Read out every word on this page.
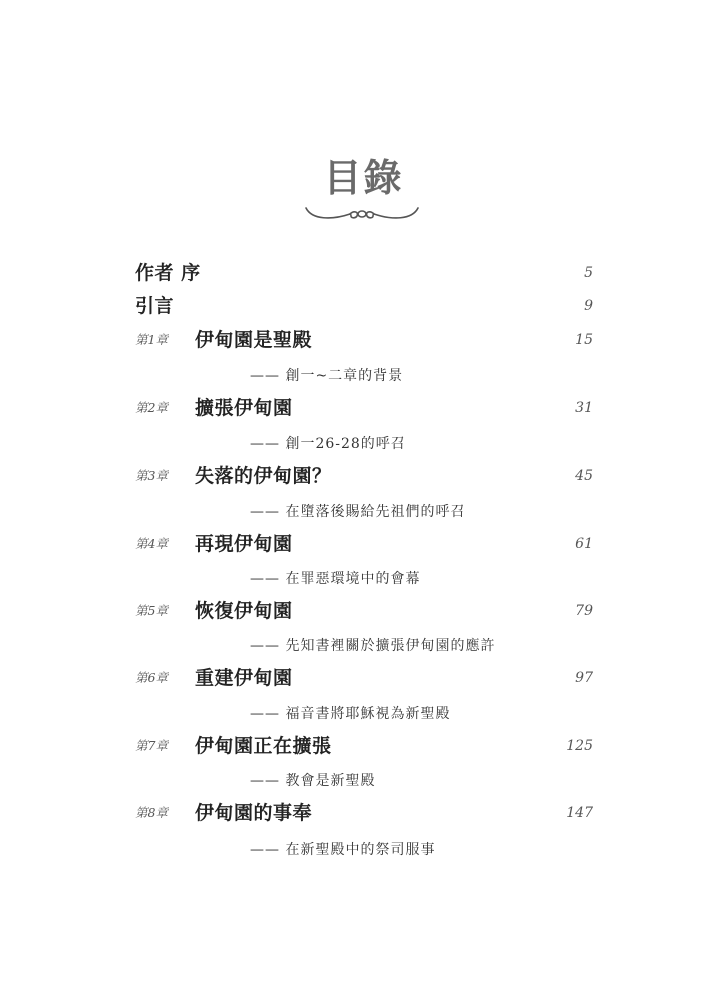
目錄
作者 序	5
引言	9
第1章 伊甸園是聖殿	15
—— 創一~二章的背景
第2章 擴張伊甸園	31
—— 創一26-28的呼召
第3章 失落的伊甸園？	45
—— 在墮落後賜給先祖們的呼召
第4章 再現伊甸園	61
—— 在罪惡環境中的會幕
第5章 恢復伊甸園	79
—— 先知書裡關於擴張伊甸園的應許
第6章 重建伊甸園	97
—— 福音書將耶穌視為新聖殿
第7章 伊甸園正在擴張	125
—— 教會是新聖殿
第8章 伊甸園的事奉	147
—— 在新聖殿中的祭司服事
